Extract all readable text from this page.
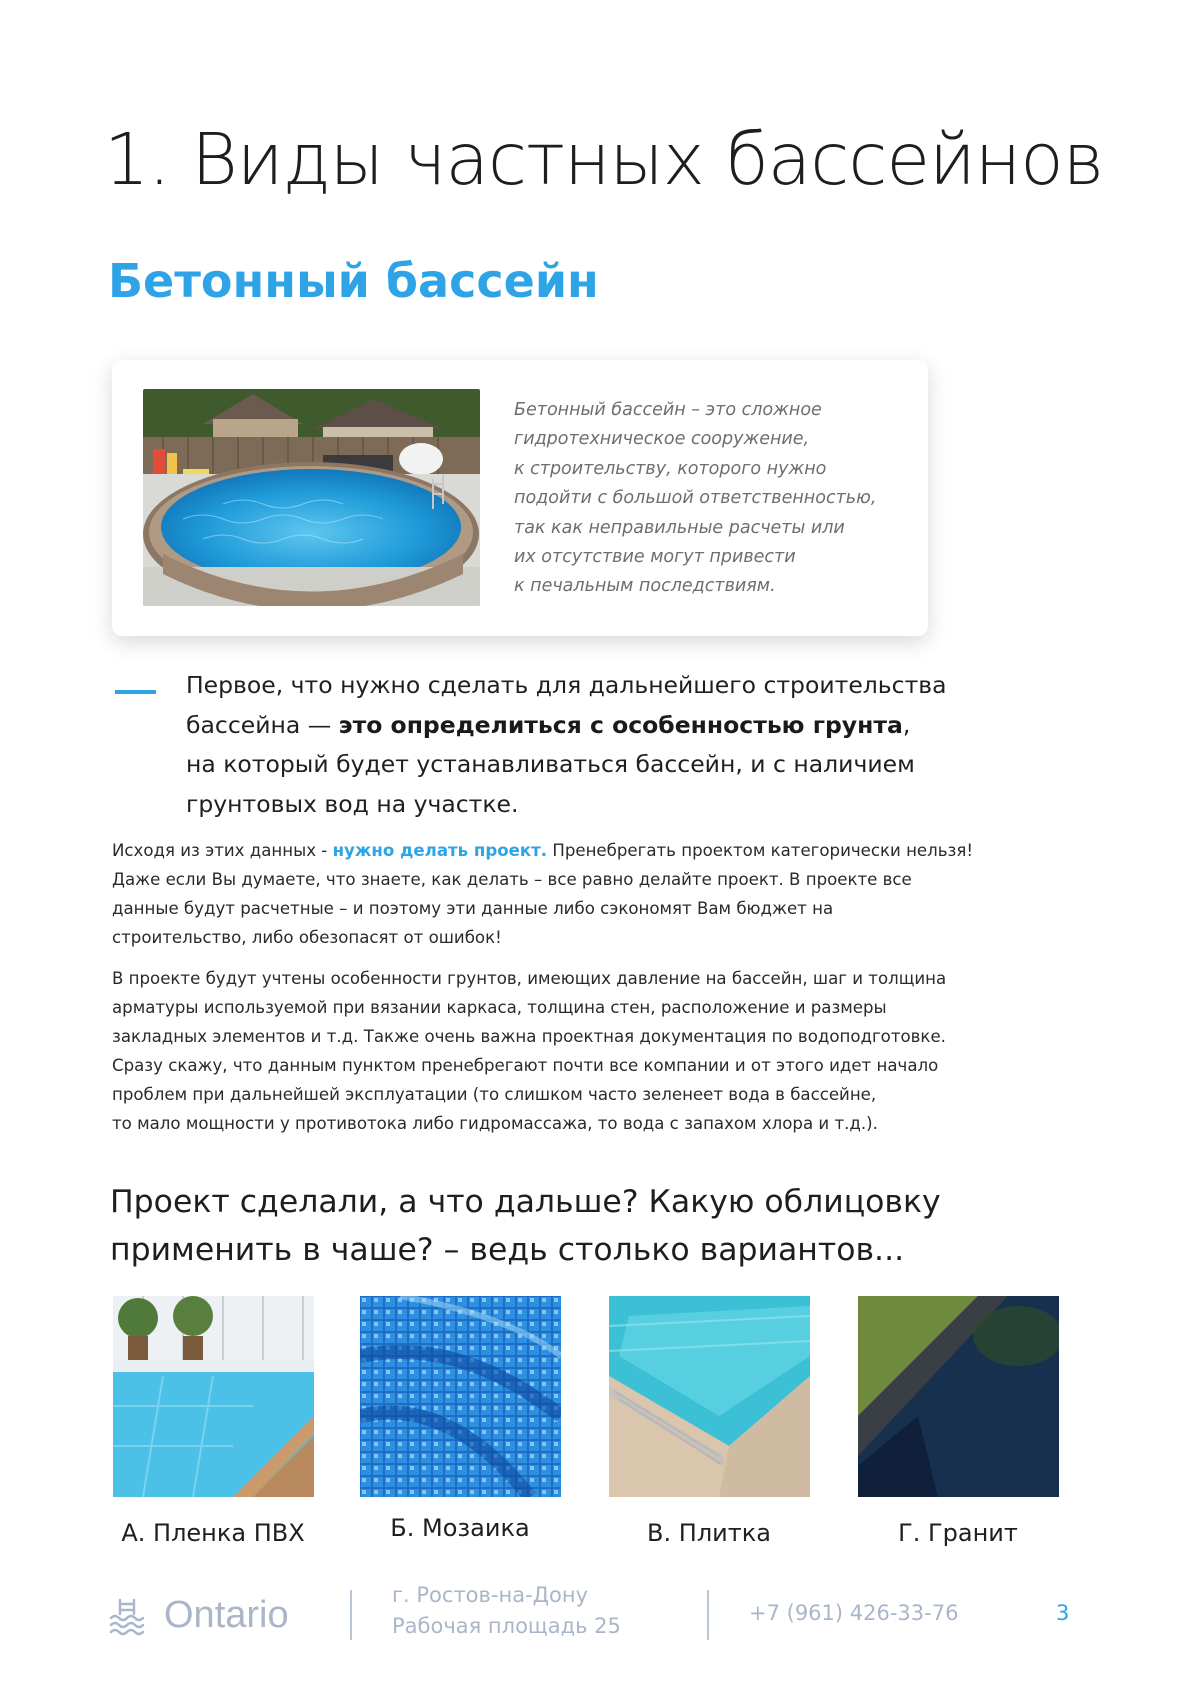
1. Виды частных бассейнов
Бетонный бассейн

Бетонный бассейн – это сложное
гидротехническое сооружение,
к строительству, которого нужно
подойти с большой ответственностью,
так как неправильные расчеты или
их отсутствие могут привести
к печальным последствиям.

Первое, что нужно сделать для дальнейшего строительства
бассейна — это определиться с особенностью грунта,
на который будет устанавливаться бассейн, и с наличием
грунтовых вод на участке.

Исходя из этих данных - нужно делать проект. Пренебрегать проектом категорически нельзя!
Даже если Вы думаете, что знаете, как делать – все равно делайте проект. В проекте все
данные будут расчетные – и поэтому эти данные либо сэкономят Вам бюджет на
строительство, либо обезопасят от ошибок!

В проекте будут учтены особенности грунтов, имеющих давление на бассейн, шаг и толщина
арматуры используемой при вязании каркаса, толщина стен, расположение и размеры
закладных элементов и т.д. Также очень важна проектная документация по водоподготовке.
Сразу скажу, что данным пунктом пренебрегают почти все компании и от этого идет начало
проблем при дальнейшей эксплуатации (то слишком часто зеленеет вода в бассейне,
то мало мощности у противотока либо гидромассажа, то вода с запахом хлора и т.д.).

Проект сделали, а что дальше? Какую облицовку
применить в чаше? – ведь столько вариантов...

А. Пленка ПВХ	Б. Мозаика	В. Плитка	Г. Гранит

Ontario	г. Ростов-на-Дону
Рабочая площадь 25

+7 (961) 426-33-76	3
